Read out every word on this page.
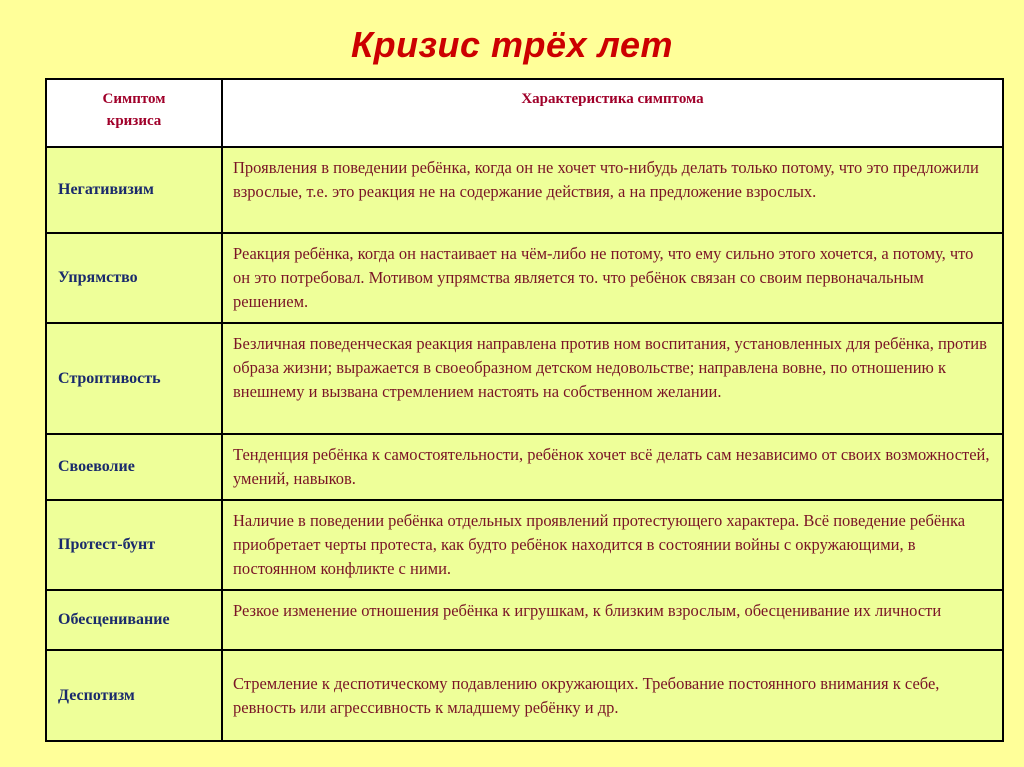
Кризис трёх лет
Симптом кризиса	Характеристика симптома
Негативизим	Проявления в поведении ребёнка, когда он не хочет что-нибудь делать только потому, что это предложили взрослые, т.е. это реакция не на содержание действия, а на предложение взрослых.
Упрямство	Реакция ребёнка, когда он настаивает на чём-либо не потому, что ему сильно этого хочется, а потому, что он это потребовал. Мотивом упрямства является то. что ребёнок связан со своим первоначальным решением.
Строптивость	Безличная поведенческая реакция направлена против ном воспитания, установленных для ребёнка, против образа жизни; выражается в своеобразном детском недовольстве; направлена вовне, по отношению к внешнему и вызвана стремлением настоять на собственном желании.
Своеволие	Тенденция ребёнка к самостоятельности, ребёнок хочет всё делать сам независимо от своих возможностей, умений, навыков.
Протест-бунт	Наличие в поведении ребёнка отдельных проявлений протестующего характера. Всё поведение ребёнка приобретает черты протеста, как будто ребёнок находится в состоянии войны с окружающими, в постоянном конфликте с ними.
Обесценивание	Резкое изменение отношения ребёнка к игрушкам, к близким взрослым, обесценивание их личности
Деспотизм	Стремление к деспотическому подавлению окружающих. Требование постоянного внимания к себе, ревность или агрессивность к младшему ребёнку и др.
